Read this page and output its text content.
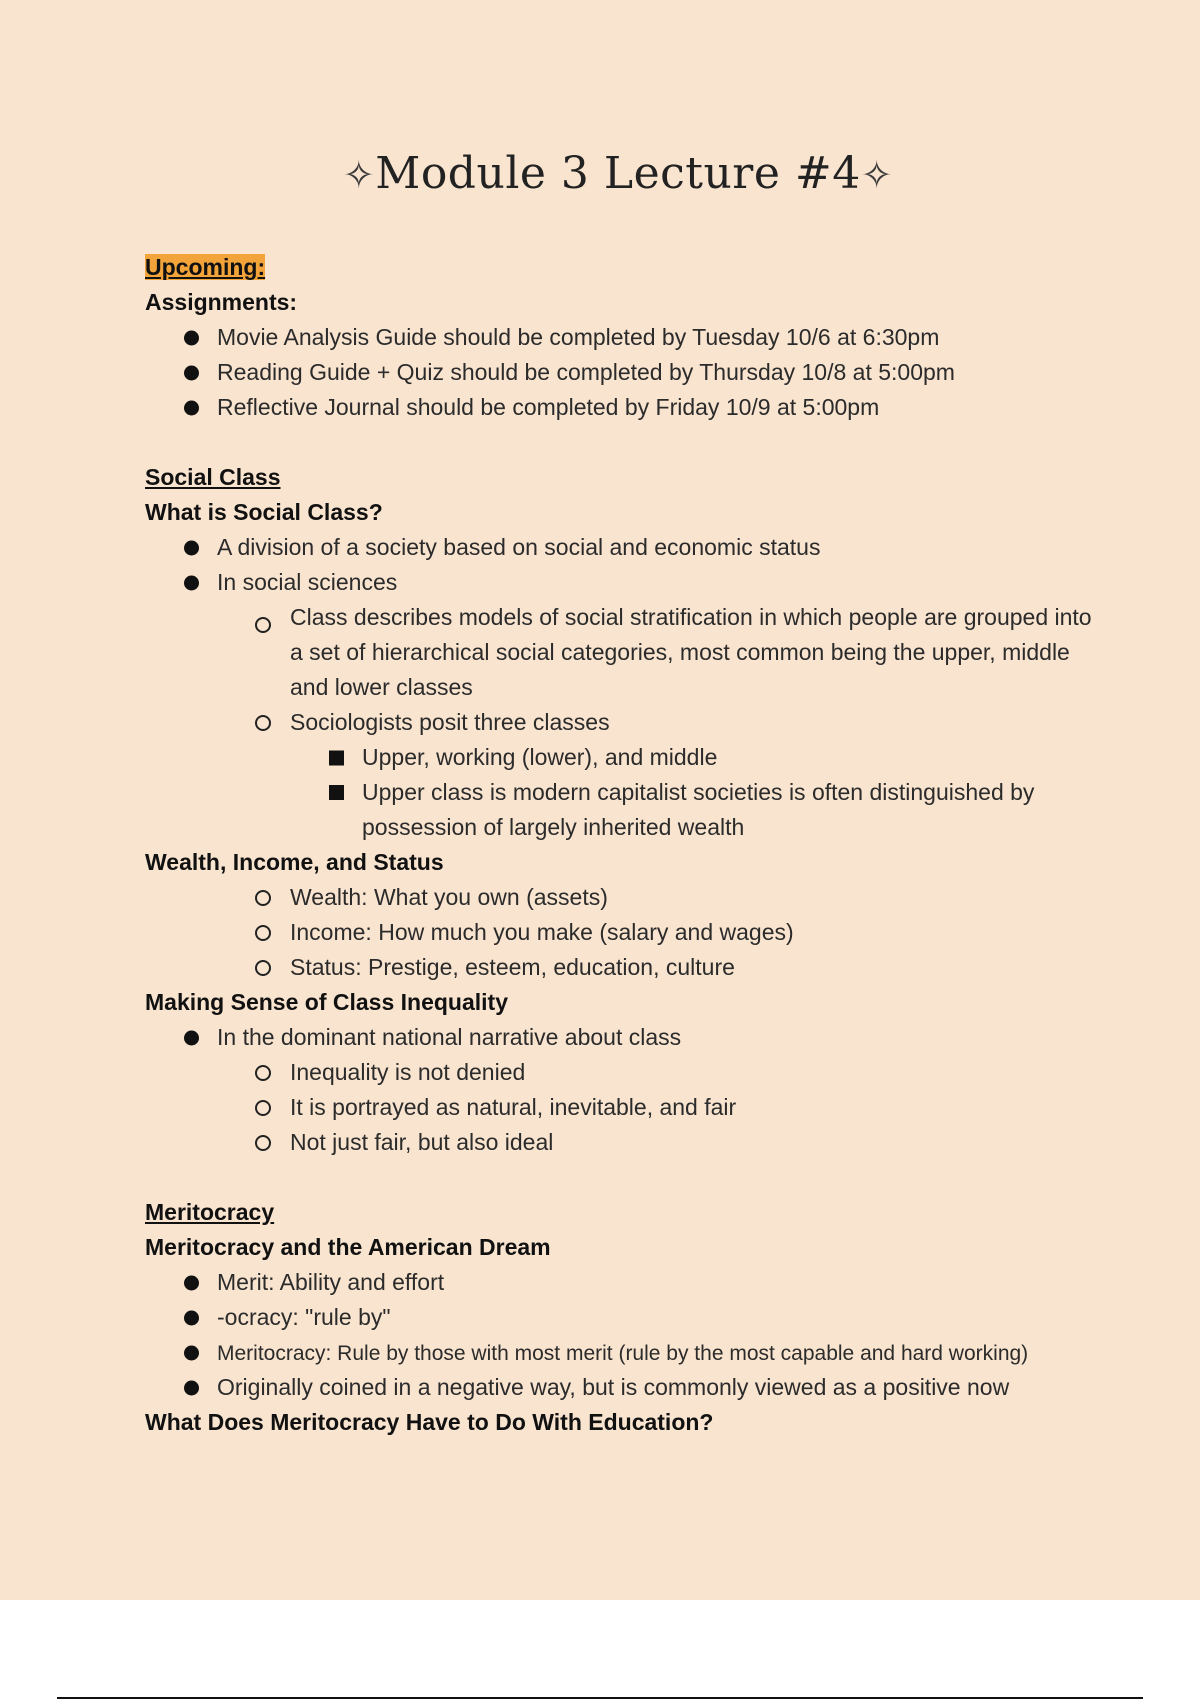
✧Module 3 Lecture #4✧
Upcoming:
Assignments:
Movie Analysis Guide should be completed by Tuesday 10/6 at 6:30pm
Reading Guide + Quiz should be completed by Thursday 10/8 at 5:00pm
Reflective Journal should be completed by Friday 10/9 at 5:00pm
Social Class
What is Social Class?
A division of a society based on social and economic status
In social sciences
Class describes models of social stratification in which people are grouped into a set of hierarchical social categories, most common being the upper, middle and lower classes
Sociologists posit three classes
Upper, working (lower), and middle
Upper class is modern capitalist societies is often distinguished by possession of largely inherited wealth
Wealth, Income, and Status
Wealth: What you own (assets)
Income: How much you make (salary and wages)
Status: Prestige, esteem, education, culture
Making Sense of Class Inequality
In the dominant national narrative about class
Inequality is not denied
It is portrayed as natural, inevitable, and fair
Not just fair, but also ideal
Meritocracy
Meritocracy and the American Dream
Merit: Ability and effort
-ocracy: "rule by"
Meritocracy: Rule by those with most merit (rule by the most capable and hard working)
Originally coined in a negative way, but is commonly viewed as a positive now
What Does Meritocracy Have to Do With Education?
